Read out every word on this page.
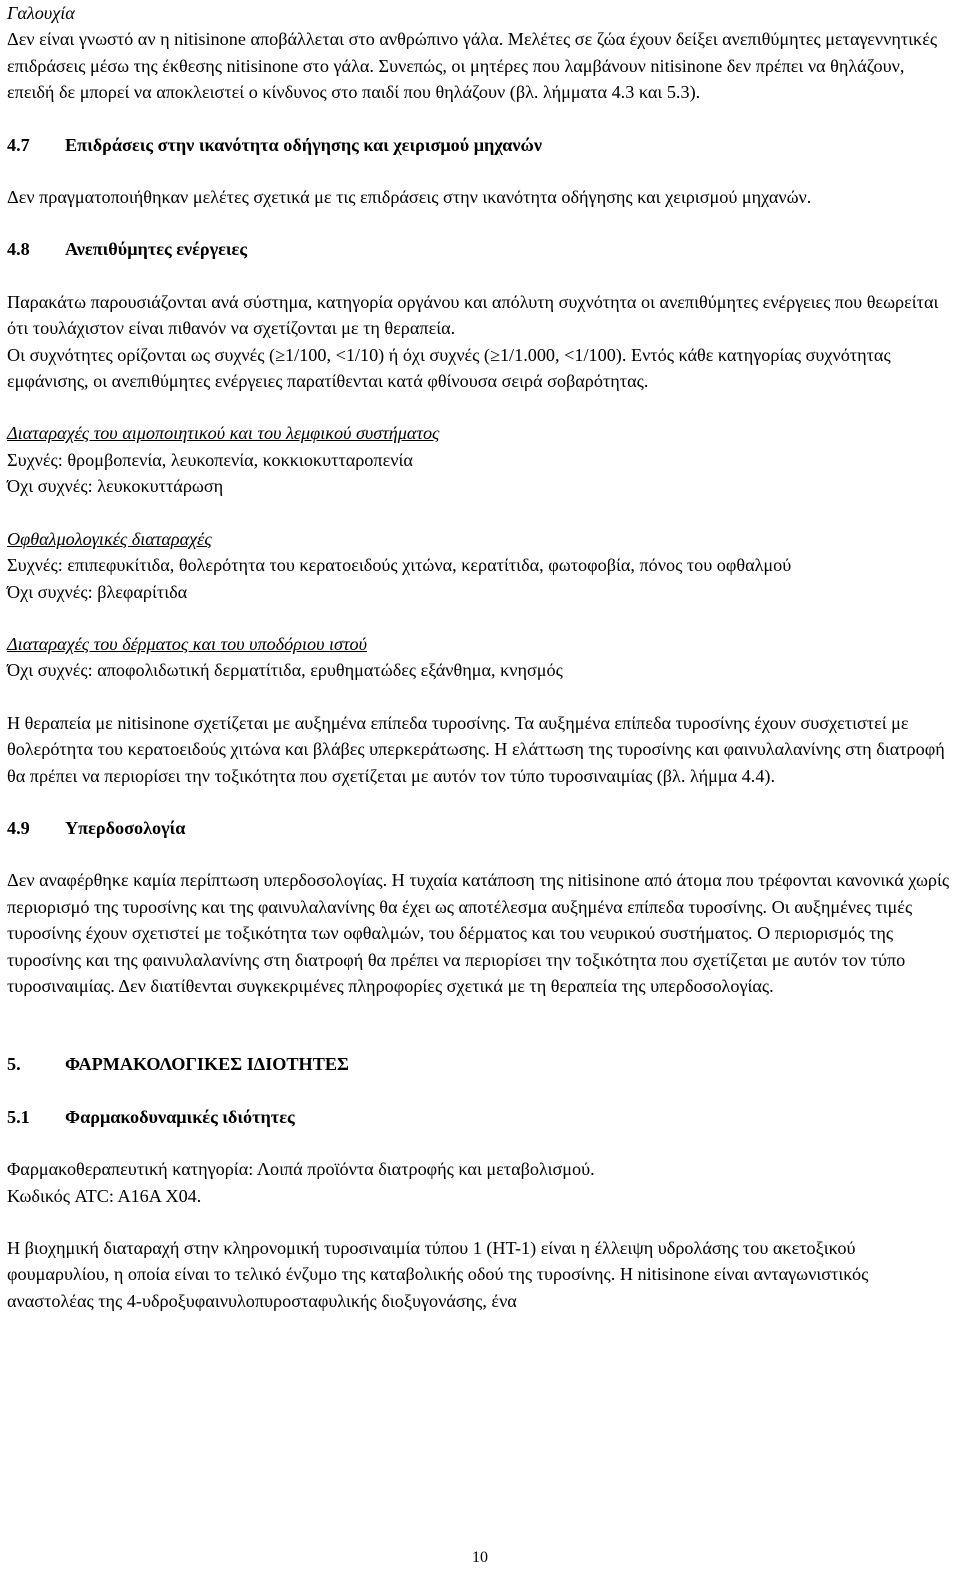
Γαλουχία

Δεν είναι γνωστό αν η nitisinone αποβάλλεται στο ανθρώπινο γάλα. Μελέτες σε ζώα έχουν δείξει ανεπιθύμητες μεταγεννητικές επιδράσεις μέσω της έκθεσης nitisinone στο γάλα. Συνεπώς, οι μητέρες που λαμβάνουν nitisinone δεν πρέπει να θηλάζουν, επειδή δε μπορεί να αποκλειστεί ο κίνδυνος στο παιδί που θηλάζουν (βλ. λήμματα 4.3 και 5.3).

4.7	Επιδράσεις στην ικανότητα οδήγησης και χειρισμού μηχανών

Δεν πραγματοποιήθηκαν μελέτες σχετικά με τις επιδράσεις στην ικανότητα οδήγησης και χειρισμού μηχανών.

4.8	Ανεπιθύμητες ενέργειες

Παρακάτω παρουσιάζονται ανά σύστημα, κατηγορία οργάνου και απόλυτη συχνότητα οι ανεπιθύμητες ενέργειες που θεωρείται ότι τουλάχιστον είναι πιθανόν να σχετίζονται με τη θεραπεία.

Οι συχνότητες ορίζονται ως συχνές (≥1/100, <1/10) ή όχι συχνές (≥1/1.000, <1/100). Εντός κάθε κατηγορίας συχνότητας εμφάνισης, οι ανεπιθύμητες ενέργειες παρατίθενται κατά φθίνουσα σειρά σοβαρότητας.

Διαταραχές του αιμοποιητικού και του λεμφικού συστήματος

Συχνές: θρομβοπενία, λευκοπενία, κοκκιοκυτταροπενία

Όχι συχνές: λευκοκυττάρωση

Οφθαλμολογικές διαταραχές

Συχνές: επιπεφυκίτιδα, θολερότητα του κερατοειδούς χιτώνα, κερατίτιδα, φωτοφοβία, πόνος του οφθαλμού

Όχι συχνές: βλεφαρίτιδα

Διαταραχές του δέρματος και του υποδόριου ιστού

Όχι συχνές: αποφολιδωτική δερματίτιδα, ερυθηματώδες εξάνθημα, κνησμός

Η θεραπεία με nitisinone σχετίζεται με αυξημένα επίπεδα τυροσίνης. Τα αυξημένα επίπεδα τυροσίνης έχουν συσχετιστεί με θολερότητα του κερατοειδούς χιτώνα και βλάβες υπερκεράτωσης. Η ελάττωση της τυροσίνης και φαινυλαλανίνης στη διατροφή θα πρέπει να περιορίσει την τοξικότητα που σχετίζεται με αυτόν τον τύπο τυροσιναιμίας (βλ. λήμμα 4.4).

4.9	Υπερδοσολογία

Δεν αναφέρθηκε καμία περίπτωση υπερδοσολογίας. Η τυχαία κατάποση της nitisinone από άτομα που τρέφονται κανονικά χωρίς περιορισμό της τυροσίνης και της φαινυλαλανίνης θα έχει ως αποτέλεσμα αυξημένα επίπεδα τυροσίνης. Οι αυξημένες τιμές τυροσίνης έχουν σχετιστεί με τοξικότητα των οφθαλμών, του δέρματος και του νευρικού συστήματος. Ο περιορισμός της τυροσίνης και της φαινυλαλανίνης στη διατροφή θα πρέπει να περιορίσει την τοξικότητα που σχετίζεται με αυτόν τον τύπο τυροσιναιμίας. Δεν διατίθενται συγκεκριμένες πληροφορίες σχετικά με τη θεραπεία της υπερδοσολογίας.

5.	ΦΑΡΜΑΚΟΛΟΓΙΚΕΣ ΙΔΙΟΤΗΤΕΣ
5.1	Φαρμακοδυναμικές ιδιότητες

Φαρμακοθεραπευτική κατηγορία: Λοιπά προϊόντα διατροφής και μεταβολισμού.

Κωδικός ATC: A16A X04.

Η βιοχημική διαταραχή στην κληρονομική τυροσιναιμία τύπου 1 (HT-1) είναι η έλλειψη υδρολάσης του ακετοξικού φουμαρυλίου, η οποία είναι το τελικό ένζυμο της καταβολικής οδού της τυροσίνης. Η nitisinone είναι ανταγωνιστικός αναστολέας της 4-υδροξυφαινυλοπυροσταφυλικής διοξυγονάσης, ένα

10
